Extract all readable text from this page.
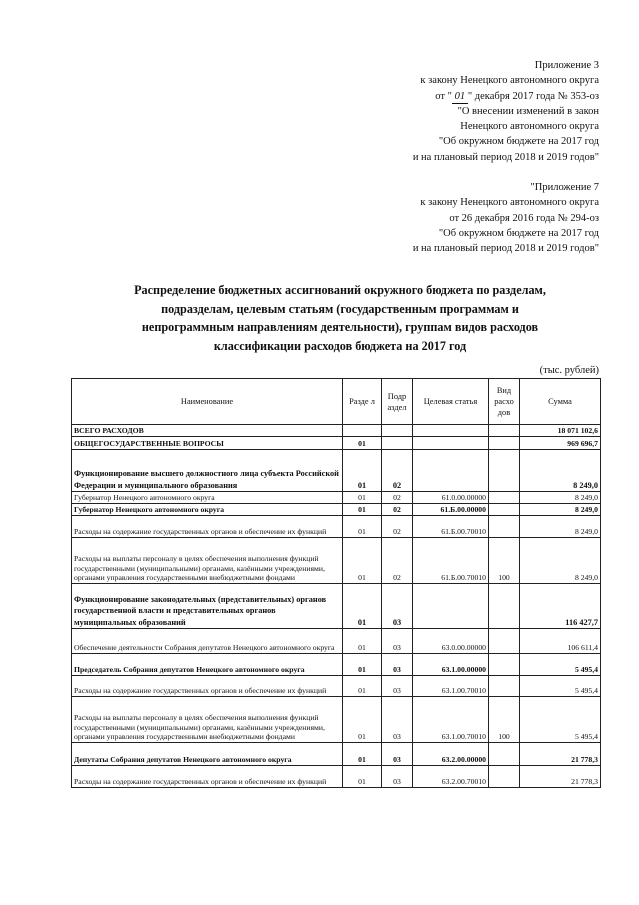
Приложение 3
к закону Ненецкого автономного округа
от " 01 " декабря 2017 года № 353-оз
"О внесении изменений в закон
Ненецкого автономного округа
"Об окружном бюджете на 2017 год
и на плановый период 2018 и 2019 годов"
"Приложение 7
к закону Ненецкого автономного округа
от 26 декабря 2016 года № 294-оз
"Об окружном бюджете на 2017 год
и на плановый период 2018 и 2019 годов"
Распределение бюджетных ассигнований окружного бюджета по разделам,
подразделам, целевым статьям (государственным программам и
непрограммным направлениям деятельности), группам видов расходов
классификации расходов бюджета на 2017 год
(тыс. рублей)
Наименование	Разде л	Подр аздел	Целевая статья	Вид расхо дов	Сумма
ВСЕГО РАСХОДОВ					18 071 102,6
ОБЩЕГОСУДАРСТВЕННЫЕ ВОПРОСЫ	01				969 696,7
Функционирование высшего должностного лица субъекта Российской Федерации и муниципального образования	01	02			8 249,0
Губернатор Ненецкого автономного округа	01	02	61.0.00.00000		8 249,0
Губернатор Ненецкого автономного округа	01	02	61.Б.00.00000		8 249,0
Расходы на содержание государственных органов и обеспечение их функций	01	02	61.Б.00.70010		8 249,0
Расходы на выплаты персоналу в целях обеспечения выполнения функций государственными (муниципальными) органами, казёнными учреждениями, органами управления государственными внебюджетными фондами	01	02	61.Б.00.70010	100	8 249,0
Функционирование законодательных (представительных) органов государственной власти и представительных органов муниципальных образований	01	03			116 427,7
Обеспечение деятельности Собрания депутатов Ненецкого автономного округа	01	03	63.0.00.00000		106 611,4
Председатель Собрания депутатов Ненецкого автономного округа	01	03	63.1.00.00000		5 495,4
Расходы на содержание государственных органов и обеспечение их функций	01	03	63.1.00.70010		5 495,4
Расходы на выплаты персоналу в целях обеспечения выполнения функций государственными (муниципальными) органами, казёнными учреждениями, органами управления государственными внебюджетными фондами	01	03	63.1.00.70010	100	5 495,4
Депутаты Собрания депутатов Ненецкого автономного округа	01	03	63.2.00.00000		21 778,3
Расходы на содержание государственных органов и обеспечение их функций	01	03	63.2.00.70010		21 778,3
